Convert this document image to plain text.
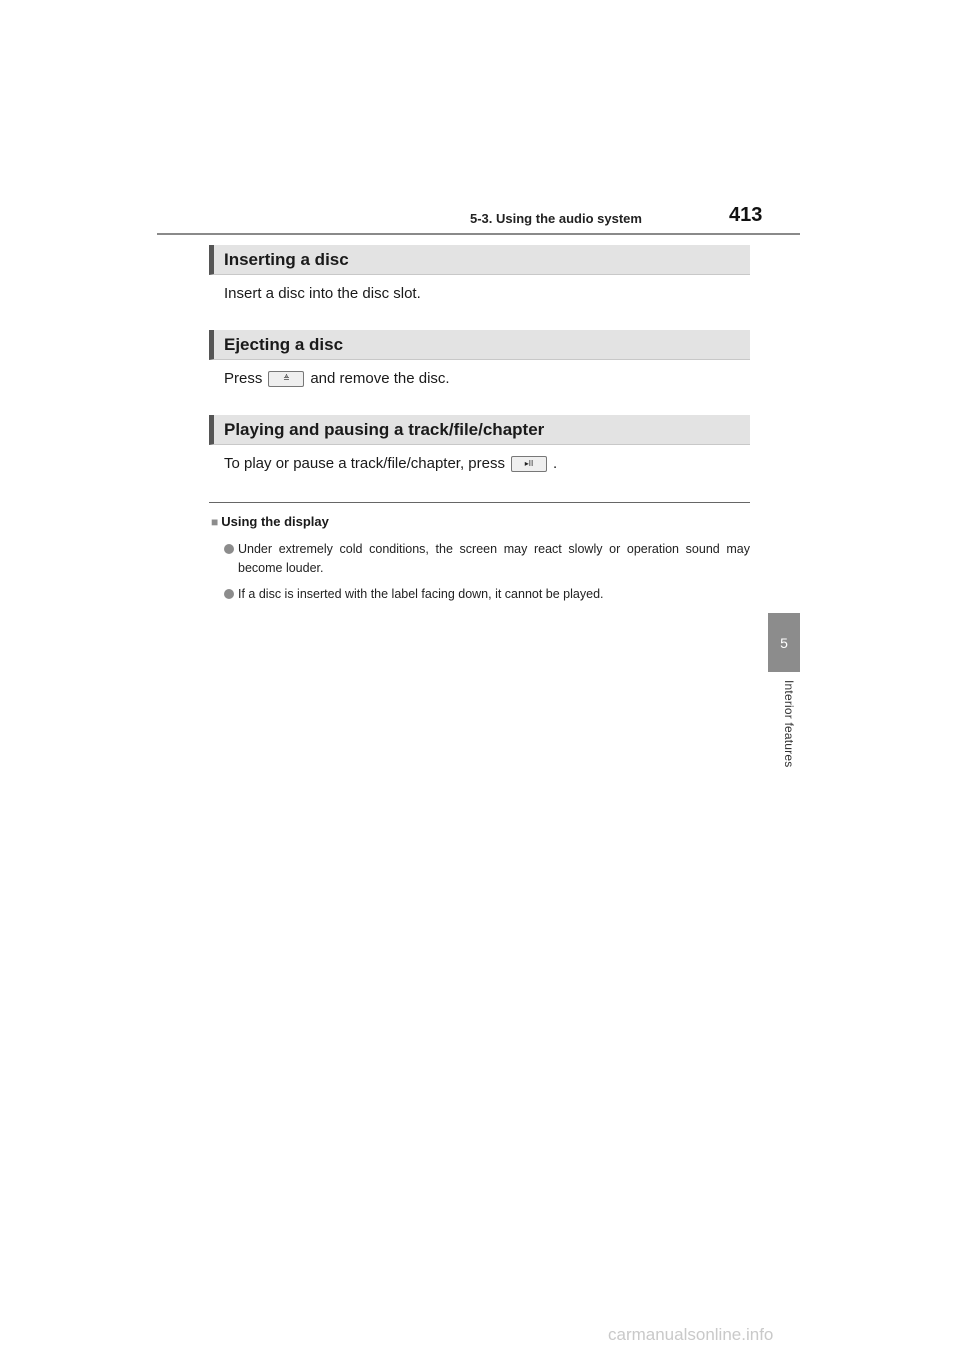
5-3. Using the audio system	413
5
Interior features
Inserting a disc
Insert a disc into the disc slot.
Ejecting a disc
Press	≜ and remove the disc.
Playing and pausing a track/file/chapter
To play or pause a track/file/chapter, press ▸II .
■ Using the display
Under extremely cold conditions, the screen may react slowly or operation sound may become louder.
If a disc is inserted with the label facing down, it cannot be played.
carmanualsonline.info
